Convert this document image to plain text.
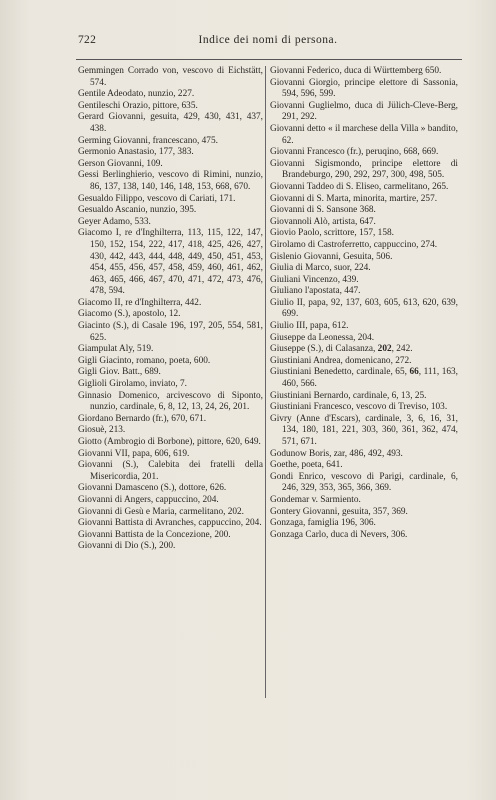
722	Indice dei nomi di persona.

Gemmingen Corrado von, vescovo di Eichstätt, 574.

Gentile Adeodato, nunzio, 227.

Gentileschi Orazio, pittore, 635.

Gerard Giovanni, gesuita, 429, 430, 431, 437, 438.

Germing Giovanni, francescano, 475.

Germonio Anastasio, 177, 383.

Gerson Giovanni, 109.

Gessi Berlinghierio, vescovo di Rimini, nunzio, 86, 137, 138, 140, 146, 148, 153, 668, 670.

Gesualdo Filippo, vescovo di Cariati, 171.

Gesualdo Ascanio, nunzio, 395.

Geyer Adamo, 533.

Giacomo I, re d'Inghilterra, 113, 115, 122, 147, 150, 152, 154, 222, 417, 418, 425, 426, 427, 430, 442, 443, 444, 448, 449, 450, 451, 453, 454, 455, 456, 457, 458, 459, 460, 461, 462, 463, 465, 466, 467, 470, 471, 472, 473, 476, 478, 594.

Giacomo II, re d'Inghilterra, 442.

Giacomo (S.), apostolo, 12.

Giacinto (S.), di Casale 196, 197, 205, 554, 581, 625.

Giampulat Aly, 519.

Gigli Giacinto, romano, poeta, 600.

Gigli Giov. Batt., 689.

Giglioli Girolamo, inviato, 7.

Ginnasio Domenico, arcivescovo di Siponto, nunzio, cardinale, 6, 8, 12, 13, 24, 26, 201.

Giordano Bernardo (fr.), 670, 671.

Giosuè, 213.

Giotto (Ambrogio di Borbone), pittore, 620, 649.

Giovanni VII, papa, 606, 619.

Giovanni (S.), Calebita dei fratelli della Misericordia, 201.

Giovanni Damasceno (S.), dottore, 626.

Giovanni di Angers, cappuccino, 204.

Giovanni di Gesù e Maria, carmelitano, 202.

Giovanni Battista di Avranches, cappuccino, 204.

Giovanni Battista de la Concezione, 200.

Giovanni di Dio (S.), 200.

Giovanni Federico, duca di Württemberg 650.

Giovanni Giorgio, principe elettore di Sassonia, 594, 596, 599.

Giovanni Guglielmo, duca di Jülich-Cleve-Berg, 291, 292.

Giovanni detto « il marchese della Villa » bandito, 62.

Giovanni Francesco (fr.), peruqino, 668, 669.

Giovanni Sigismondo, principe elettore di Brandeburgo, 290, 292, 297, 300, 498, 505.

Giovanni Taddeo di S. Eliseo, carmelitano, 265.

Giovanni di S. Marta, minorita, martire, 257.

Giovanni di S. Sansone 368.

Giovannoli Alò, artista, 647.

Giovio Paolo, scrittore, 157, 158.

Girolamo di Castroferretto, cappuccino, 274.

Gislenio Giovanni, Gesuita, 506.

Giulia di Marco, suor, 224.

Giuliani Vincenzo, 439.

Giuliano l'apostata, 447.

Giulio II, papa, 92, 137, 603, 605, 613, 620, 639, 699.

Giulio III, papa, 612.

Giuseppe da Leonessa, 204.

Giuseppe (S.), di Calasanza, 202, 242.

Giustiniani Andrea, domenicano, 272.

Giustiniani Benedetto, cardinale, 65, 66, 111, 163, 460, 566.

Giustiniani Bernardo, cardinale, 6, 13, 25.

Giustiniani Francesco, vescovo di Treviso, 103.

Givry (Anne d'Escars), cardinale, 3, 6, 16, 31, 134, 180, 181, 221, 303, 360, 361, 362, 474, 571, 671.

Godunow Boris, zar, 486, 492, 493.

Goethe, poeta, 641.

Gondi Enrico, vescovo di Parigi, cardinale, 6, 246, 329, 353, 365, 366, 369.

Gondemar v. Sarmiento.

Gontery Giovanni, gesuita, 357, 369.

Gonzaga, famiglia 196, 306.

Gonzaga Carlo, duca di Nevers, 306.
